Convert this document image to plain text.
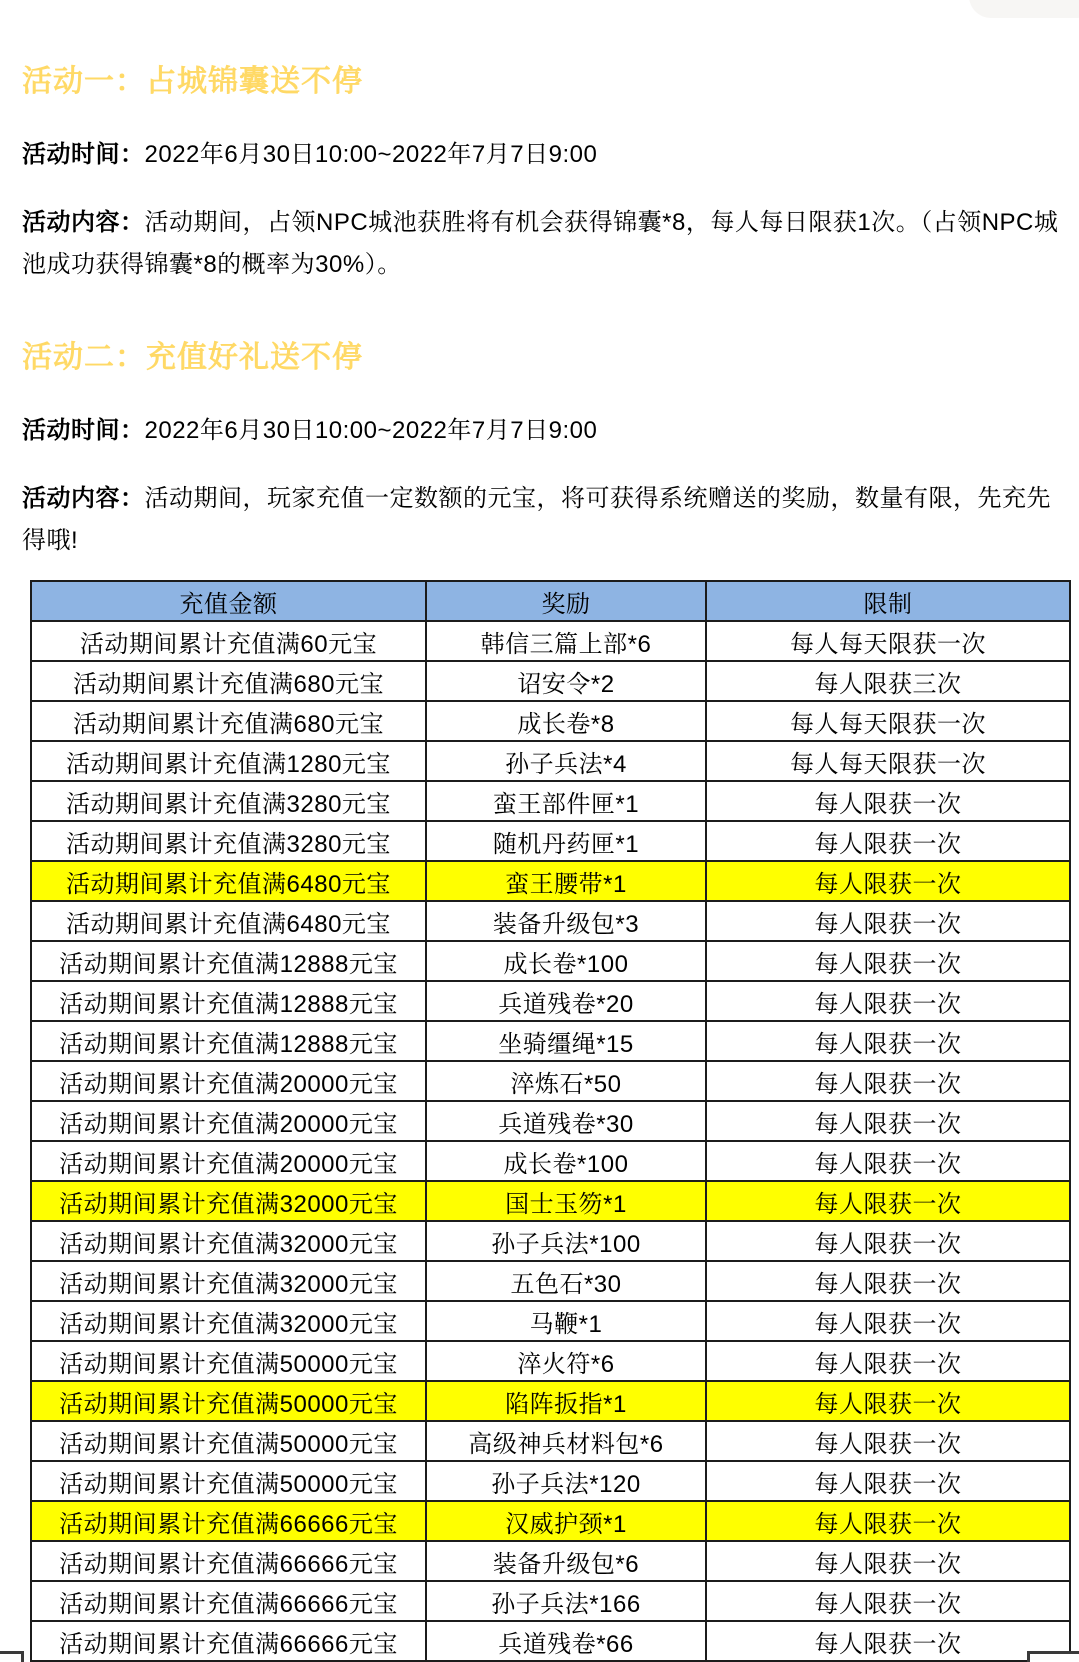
活动一：占城锦囊送不停

活动时间：2022年6月30日10:00~2022年7月7日9:00

活动内容：活动期间，占领NPC城池获胜将有机会获得锦囊*8，每人每日限获1次。（占领NPC城池成功获得锦囊*8的概率为30%）。

活动二：充值好礼送不停

活动时间：2022年6月30日10:00~2022年7月7日9:00

活动内容：活动期间，玩家充值一定数额的元宝，将可获得系统赠送的奖励，数量有限，先充先得哦!

充值金额	奖励	限制
活动期间累计充值满60元宝	韩信三篇上部*6	每人每天限获一次
活动期间累计充值满680元宝	诏安令*2	每人限获三次
活动期间累计充值满680元宝	成长卷*8	每人每天限获一次
活动期间累计充值满1280元宝	孙子兵法*4	每人每天限获一次
活动期间累计充值满3280元宝	蛮王部件匣*1	每人限获一次
活动期间累计充值满3280元宝	随机丹药匣*1	每人限获一次
活动期间累计充值满6480元宝	蛮王腰带*1	每人限获一次
活动期间累计充值满6480元宝	装备升级包*3	每人限获一次
活动期间累计充值满12888元宝	成长卷*100	每人限获一次
活动期间累计充值满12888元宝	兵道残卷*20	每人限获一次
活动期间累计充值满12888元宝	坐骑缰绳*15	每人限获一次
活动期间累计充值满20000元宝	淬炼石*50	每人限获一次
活动期间累计充值满20000元宝	兵道残卷*30	每人限获一次
活动期间累计充值满20000元宝	成长卷*100	每人限获一次
活动期间累计充值满32000元宝	国士玉笏*1	每人限获一次
活动期间累计充值满32000元宝	孙子兵法*100	每人限获一次
活动期间累计充值满32000元宝	五色石*30	每人限获一次
活动期间累计充值满32000元宝	马鞭*1	每人限获一次
活动期间累计充值满50000元宝	淬火符*6	每人限获一次
活动期间累计充值满50000元宝	陷阵扳指*1	每人限获一次
活动期间累计充值满50000元宝	高级神兵材料包*6	每人限获一次
活动期间累计充值满50000元宝	孙子兵法*120	每人限获一次
活动期间累计充值满66666元宝	汉威护颈*1	每人限获一次
活动期间累计充值满66666元宝	装备升级包*6	每人限获一次
活动期间累计充值满66666元宝	孙子兵法*166	每人限获一次
活动期间累计充值满66666元宝	兵道残卷*66	每人限获一次
